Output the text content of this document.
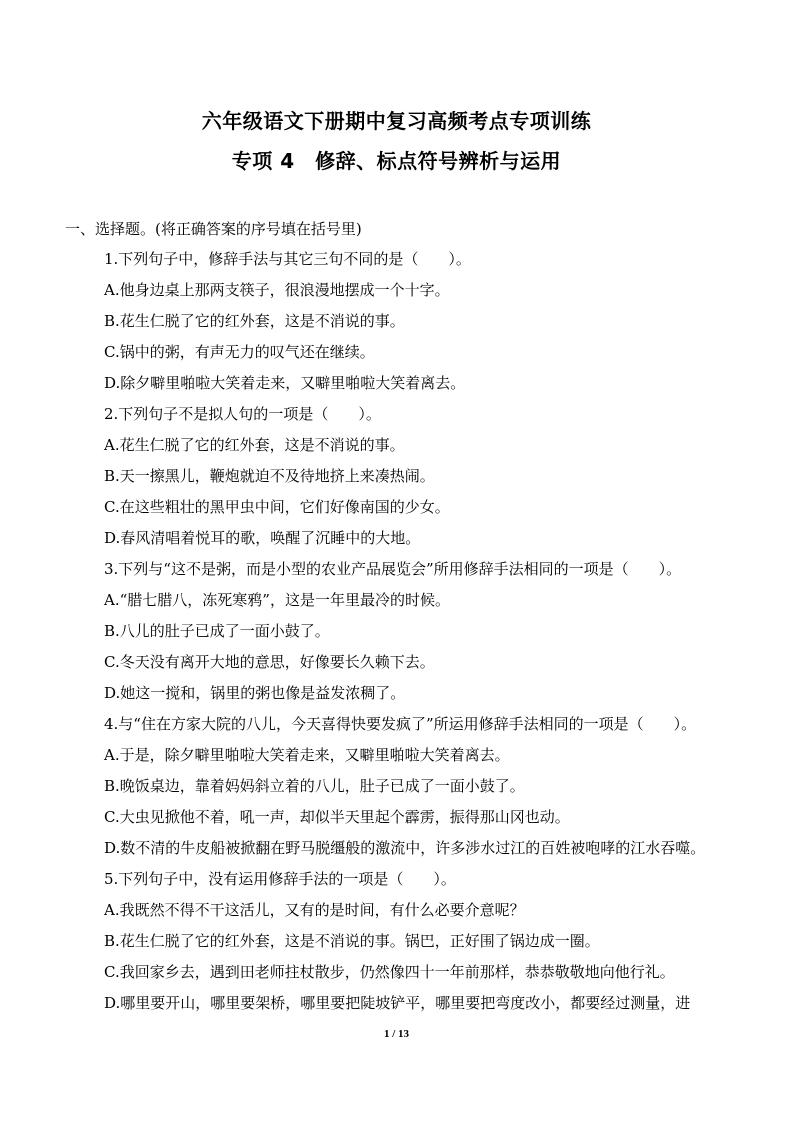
六年级语文下册期中复习高频考点专项训练
专项 4　修辞、标点符号辨析与运用
一、选择题。(将正确答案的序号填在括号里)
1.下列句子中，修辞手法与其它三句不同的是（　　）。
A.他身边桌上那两支筷子，很浪漫地摆成一个十字。
B.花生仁脱了它的红外套，这是不消说的事。
C.锅中的粥，有声无力的叹气还在继续。
D.除夕噼里啪啦大笑着走来，又噼里啪啦大笑着离去。
2.下列句子不是拟人句的一项是（　　）。
A.花生仁脱了它的红外套，这是不消说的事。
B.天一擦黑儿，鞭炮就迫不及待地挤上来凑热闹。
C.在这些粗壮的黑甲虫中间，它们好像南国的少女。
D.春风清唱着悦耳的歌，唤醒了沉睡中的大地。
3.下列与“这不是粥，而是小型的农业产品展览会”所用修辞手法相同的一项是（　　）。
A.“腊七腊八，冻死寒鸦”，这是一年里最冷的时候。
B.八儿的肚子已成了一面小鼓了。
C.冬天没有离开大地的意思，好像要长久赖下去。
D.她这一搅和，锅里的粥也像是益发浓稠了。
4.与“住在方家大院的八儿，今天喜得快要发疯了”所运用修辞手法相同的一项是（　　）。
A.于是，除夕噼里啪啦大笑着走来，又噼里啪啦大笑着离去。
B.晚饭桌边，靠着妈妈斜立着的八儿，肚子已成了一面小鼓了。
C.大虫见掀他不着，吼一声，却似半天里起个霹雳，振得那山冈也动。
D.数不清的牛皮船被掀翻在野马脱缰般的激流中，许多涉水过江的百姓被咆哮的江水吞噬。
5.下列句子中，没有运用修辞手法的一项是（　　）。
A.我既然不得不干这活儿，又有的是时间，有什么必要介意呢？
B.花生仁脱了它的红外套，这是不消说的事。锅巴，正好围了锅边成一圈。
C.我回家乡去，遇到田老师拄杖散步，仍然像四十一年前那样，恭恭敬敬地向他行礼。
D.哪里要开山，哪里要架桥，哪里要把陡坡铲平，哪里要把弯度改小，都要经过测量，进
1 / 13
